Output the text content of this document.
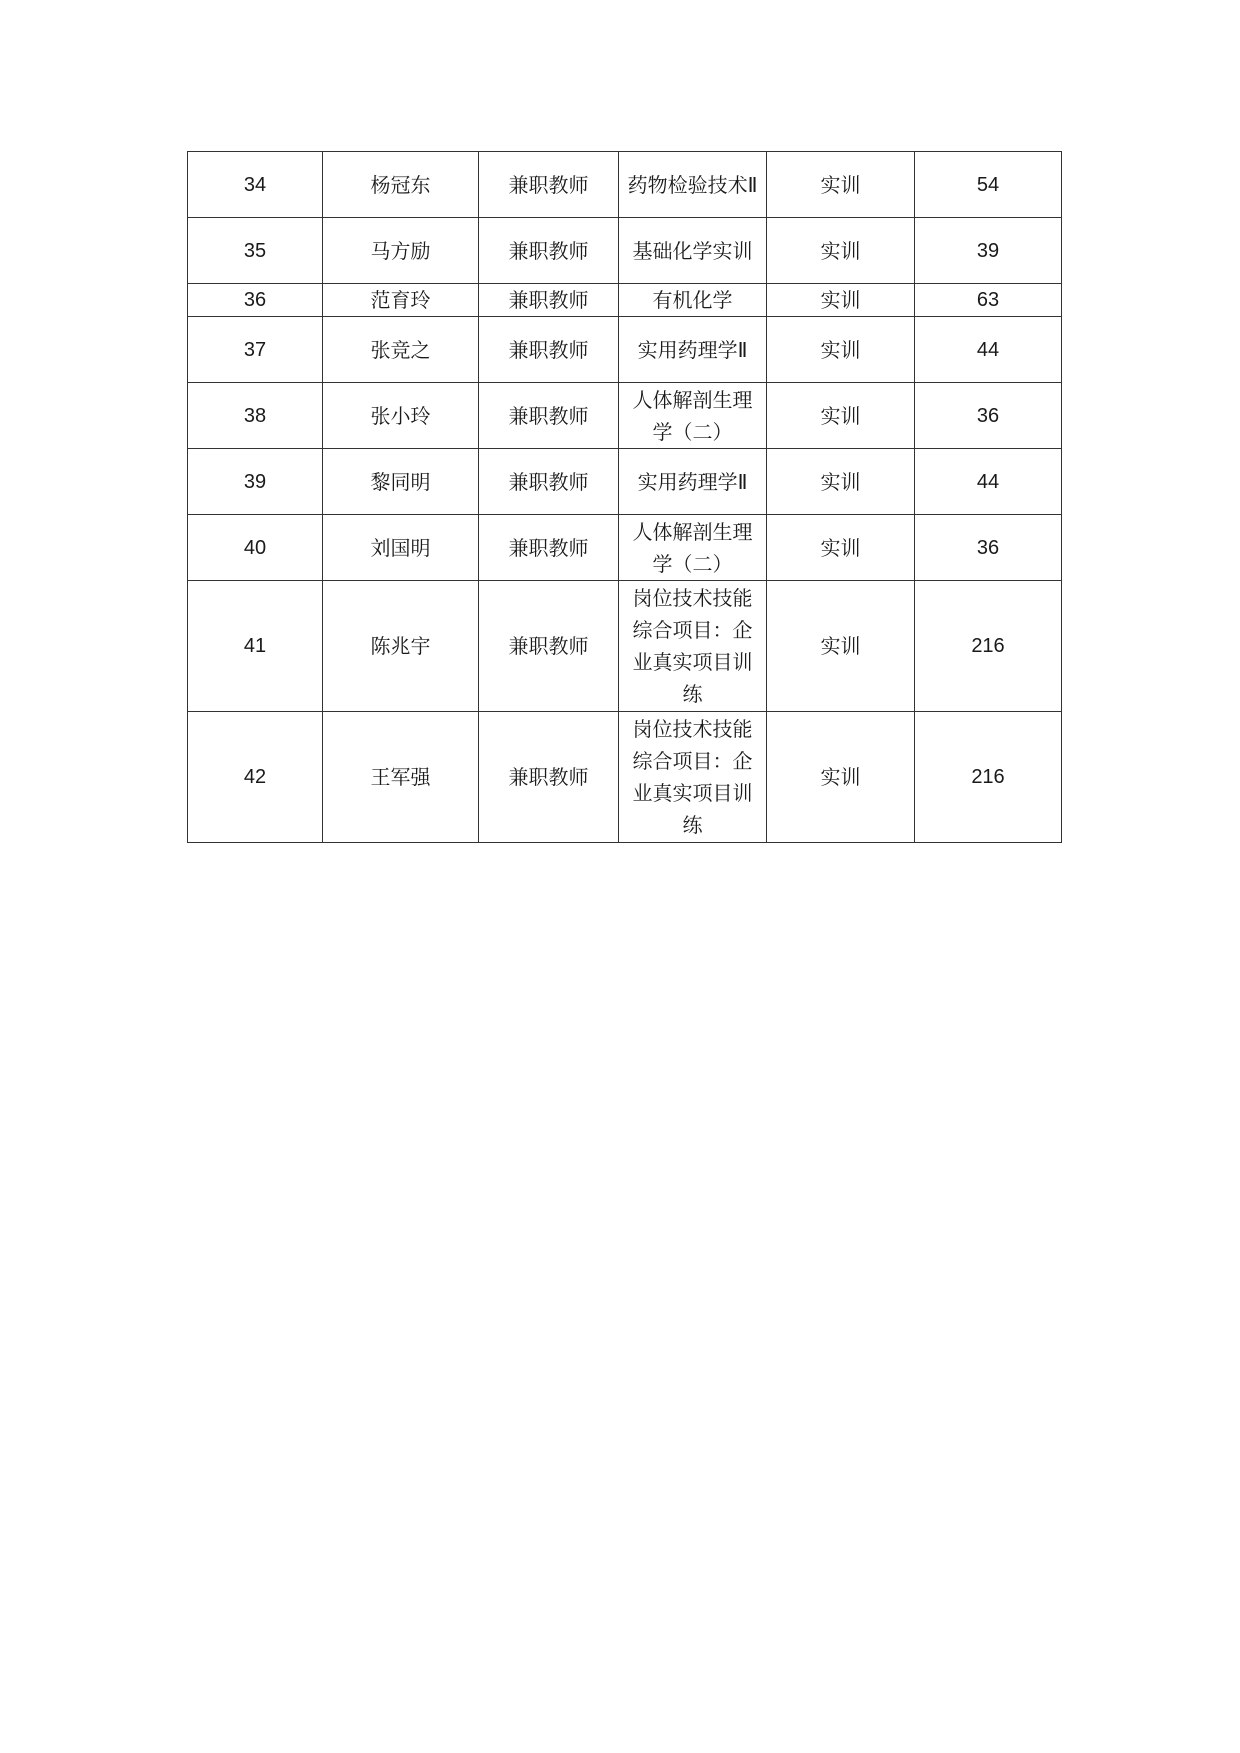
34	杨冠东	兼职教师	药物检验技术Ⅱ	实训	54
35	马方励	兼职教师	基础化学实训	实训	39
36	范育玲	兼职教师	有机化学	实训	63
37	张竞之	兼职教师	实用药理学Ⅱ	实训	44
38	张小玲	兼职教师	人体解剖生理学（二）	实训	36
39	黎同明	兼职教师	实用药理学Ⅱ	实训	44
40	刘国明	兼职教师	人体解剖生理学（二）	实训	36
41	陈兆宇	兼职教师	岗位技术技能综合项目：企业真实项目训练	实训	216
42	王军强	兼职教师	岗位技术技能综合项目：企业真实项目训练	实训	216
